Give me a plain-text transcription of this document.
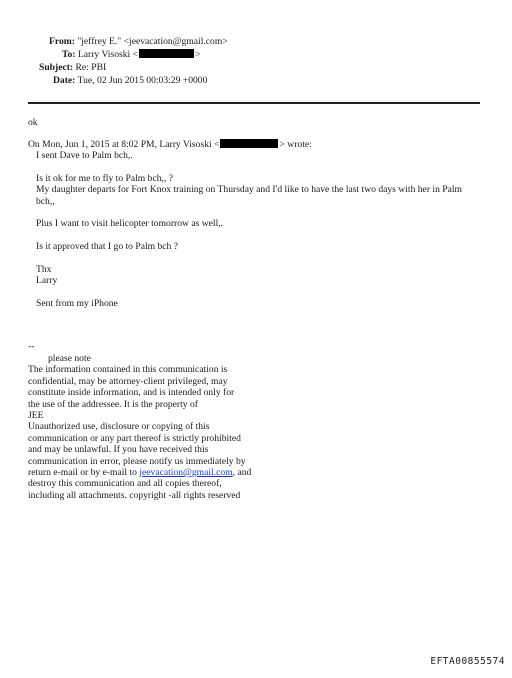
From: "jeffrey E." <jeevacation@gmail.com>
To: Larry Visoski <	>
Subject: Re: PBI
Date: Tue, 02 Jun 2015 00:03:29 +0000
ok
On Mon, Jun 1, 2015 at 8:02 PM, Larry Visoski <	> wrote:
I sent Dave to Palm bch,.

Is it ok for me to fly to Palm bch,, ?
My daughter departs for Fort Knox training on Thursday and I'd like to have the last two days with her in Palm
bch,,

Plus I want to visit helicopter tomorrow as well,.

Is it approved that I go to Palm bch ?

Thx
Larry

Sent from my iPhone
--
please note
The information contained in this communication is
confidential, may be attorney-client privileged, may
constitute inside information, and is intended only for
the use of the addressee. It is the property of
JEE
Unauthorized use, disclosure or copying of this
communication or any part thereof is strictly prohibited
and may be unlawful. If you have received this
communication in error, please notify us immediately by
return e-mail or by e-mail to jeevacation@gmail.com, and
destroy this communication and all copies thereof,
including all attachments. copyright -all rights reserved
EFTA00855574
